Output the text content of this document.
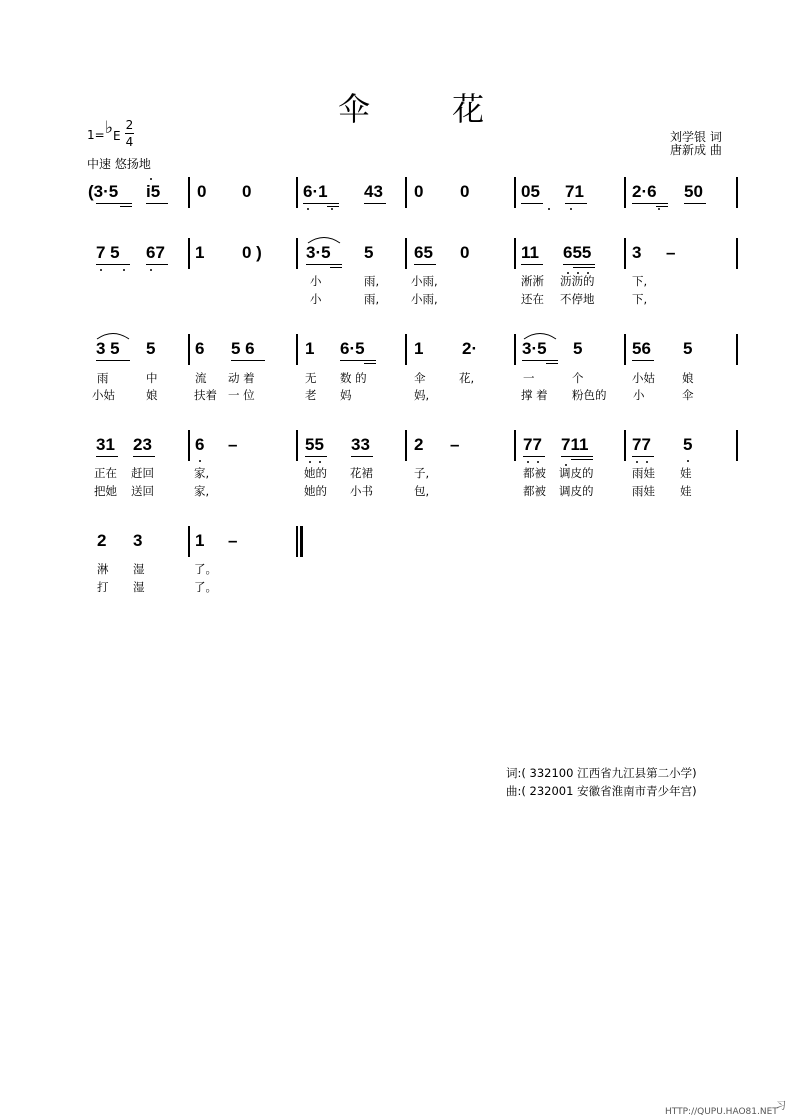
伞 花
1= ♭ E
2
4
中速 悠扬地
刘学银 词
唐新成 曲
(3·5 i5 0 0	6·1 43 0 0	05 71	2·6 50
7 5 67 1 0 )	3·5 5 65 0	11 655 3 –
小	雨,	小雨,	淅淅 沥沥的	下,
小	雨,	小雨,	还在 不停地	下,
3 5 5 6 5 6	1 6·5	1 2·	3·5 5	56 5
雨	中	流 动 着	无 数 的	伞	花,	一	个	小姑 娘
小姑	娘	扶着 一 位	老 妈	妈,	撑 着 粉色的 小	伞
31 23	6 –	55 33	2 –	77 711	77 5
正在 赶回	家,	她的 花裙	子,	都被 调皮的	雨娃 娃
把她 送回	家,	她的 小书	包,	都被 调皮的	雨娃 娃
2 3	1 –
淋 湿	了。
打 湿	了。
词:( 332100 江西省九江县第二小学)
曲:( 232001 安徽省淮南市青少年宫)
HTTP://QUPU.HAO81.NET
习
